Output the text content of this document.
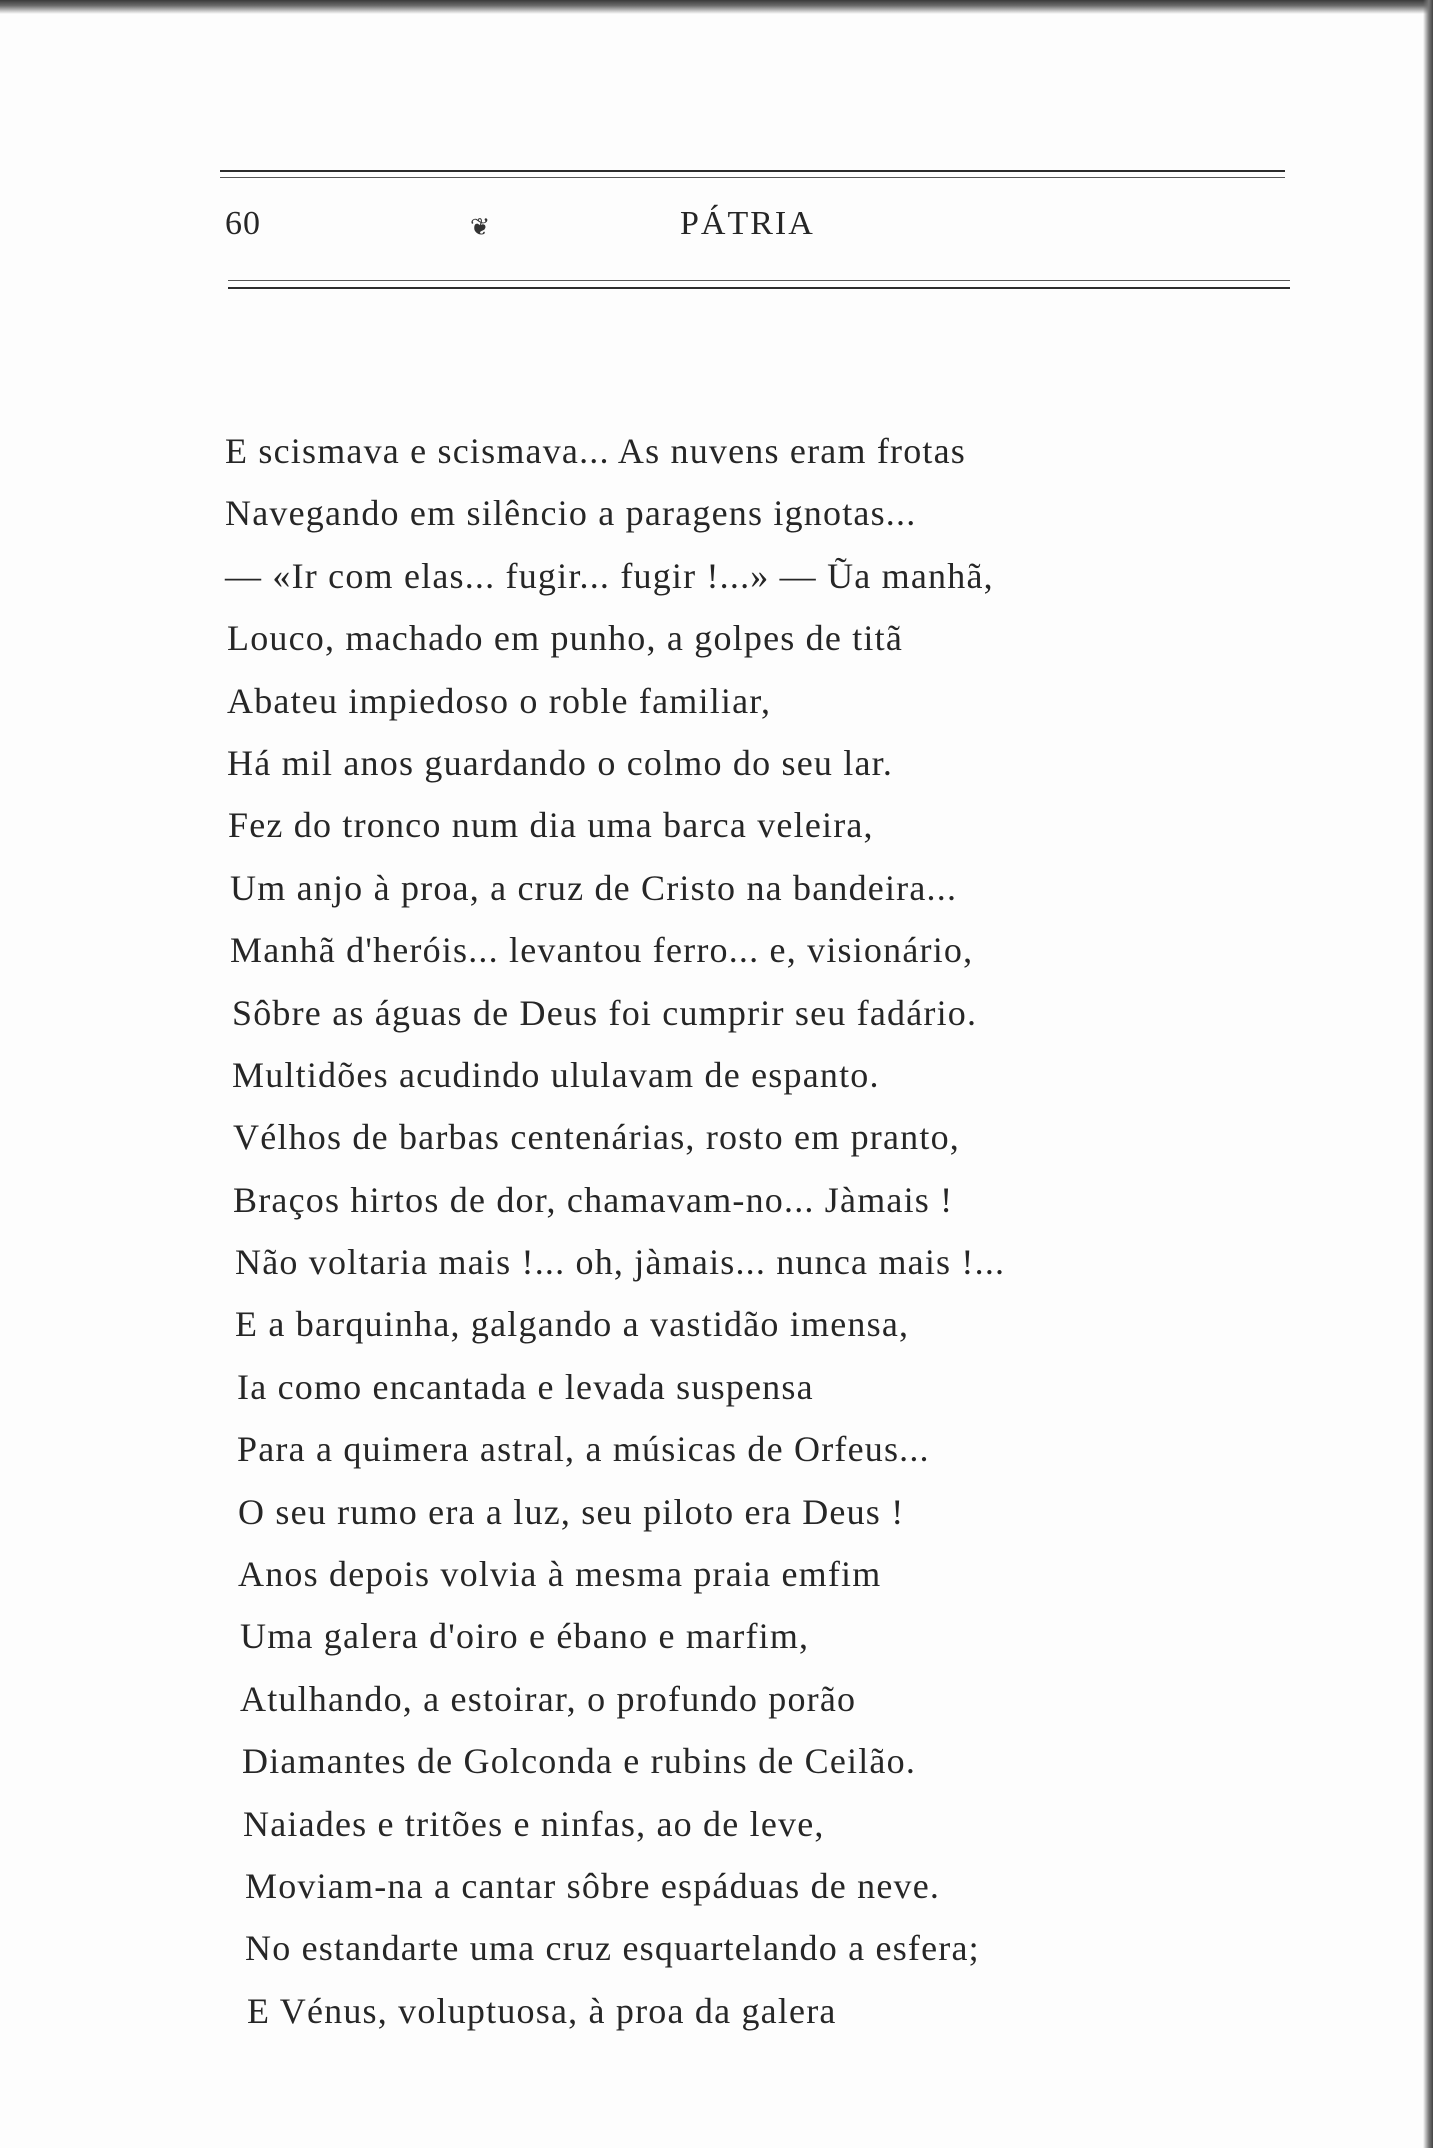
60	❦	PÁTRIA
E scismava e scismava... As nuvens eram frotas
Navegando em silêncio a paragens ignotas...
— «Ir com elas... fugir... fugir !...» — Ũa manhã,
Louco, machado em punho, a golpes de titã
Abateu impiedoso o roble familiar,
Há mil anos guardando o colmo do seu lar.
Fez do tronco num dia uma barca veleira,
Um anjo à proa, a cruz de Cristo na bandeira...
Manhã d'heróis... levantou ferro... e, visionário,
Sôbre as águas de Deus foi cumprir seu fadário.
Multidões acudindo ululavam de espanto.
Vélhos de barbas centenárias, rosto em pranto,
Braços hirtos de dor, chamavam-no... Jàmais !
Não voltaria mais !... oh, jàmais... nunca mais !...
E a barquinha, galgando a vastidão imensa,
Ia como encantada e levada suspensa
Para a quimera astral, a músicas de Orfeus...
O seu rumo era a luz, seu piloto era Deus !
Anos depois volvia à mesma praia emfim
Uma galera d'oiro e ébano e marfim,
Atulhando, a estoirar, o profundo porão
Diamantes de Golconda e rubins de Ceilão.
Naiades e tritões e ninfas, ao de leve,
Moviam-na a cantar sôbre espáduas de neve.
No estandarte uma cruz esquartelando a esfera;
E Vénus, voluptuosa, à proa da galera
